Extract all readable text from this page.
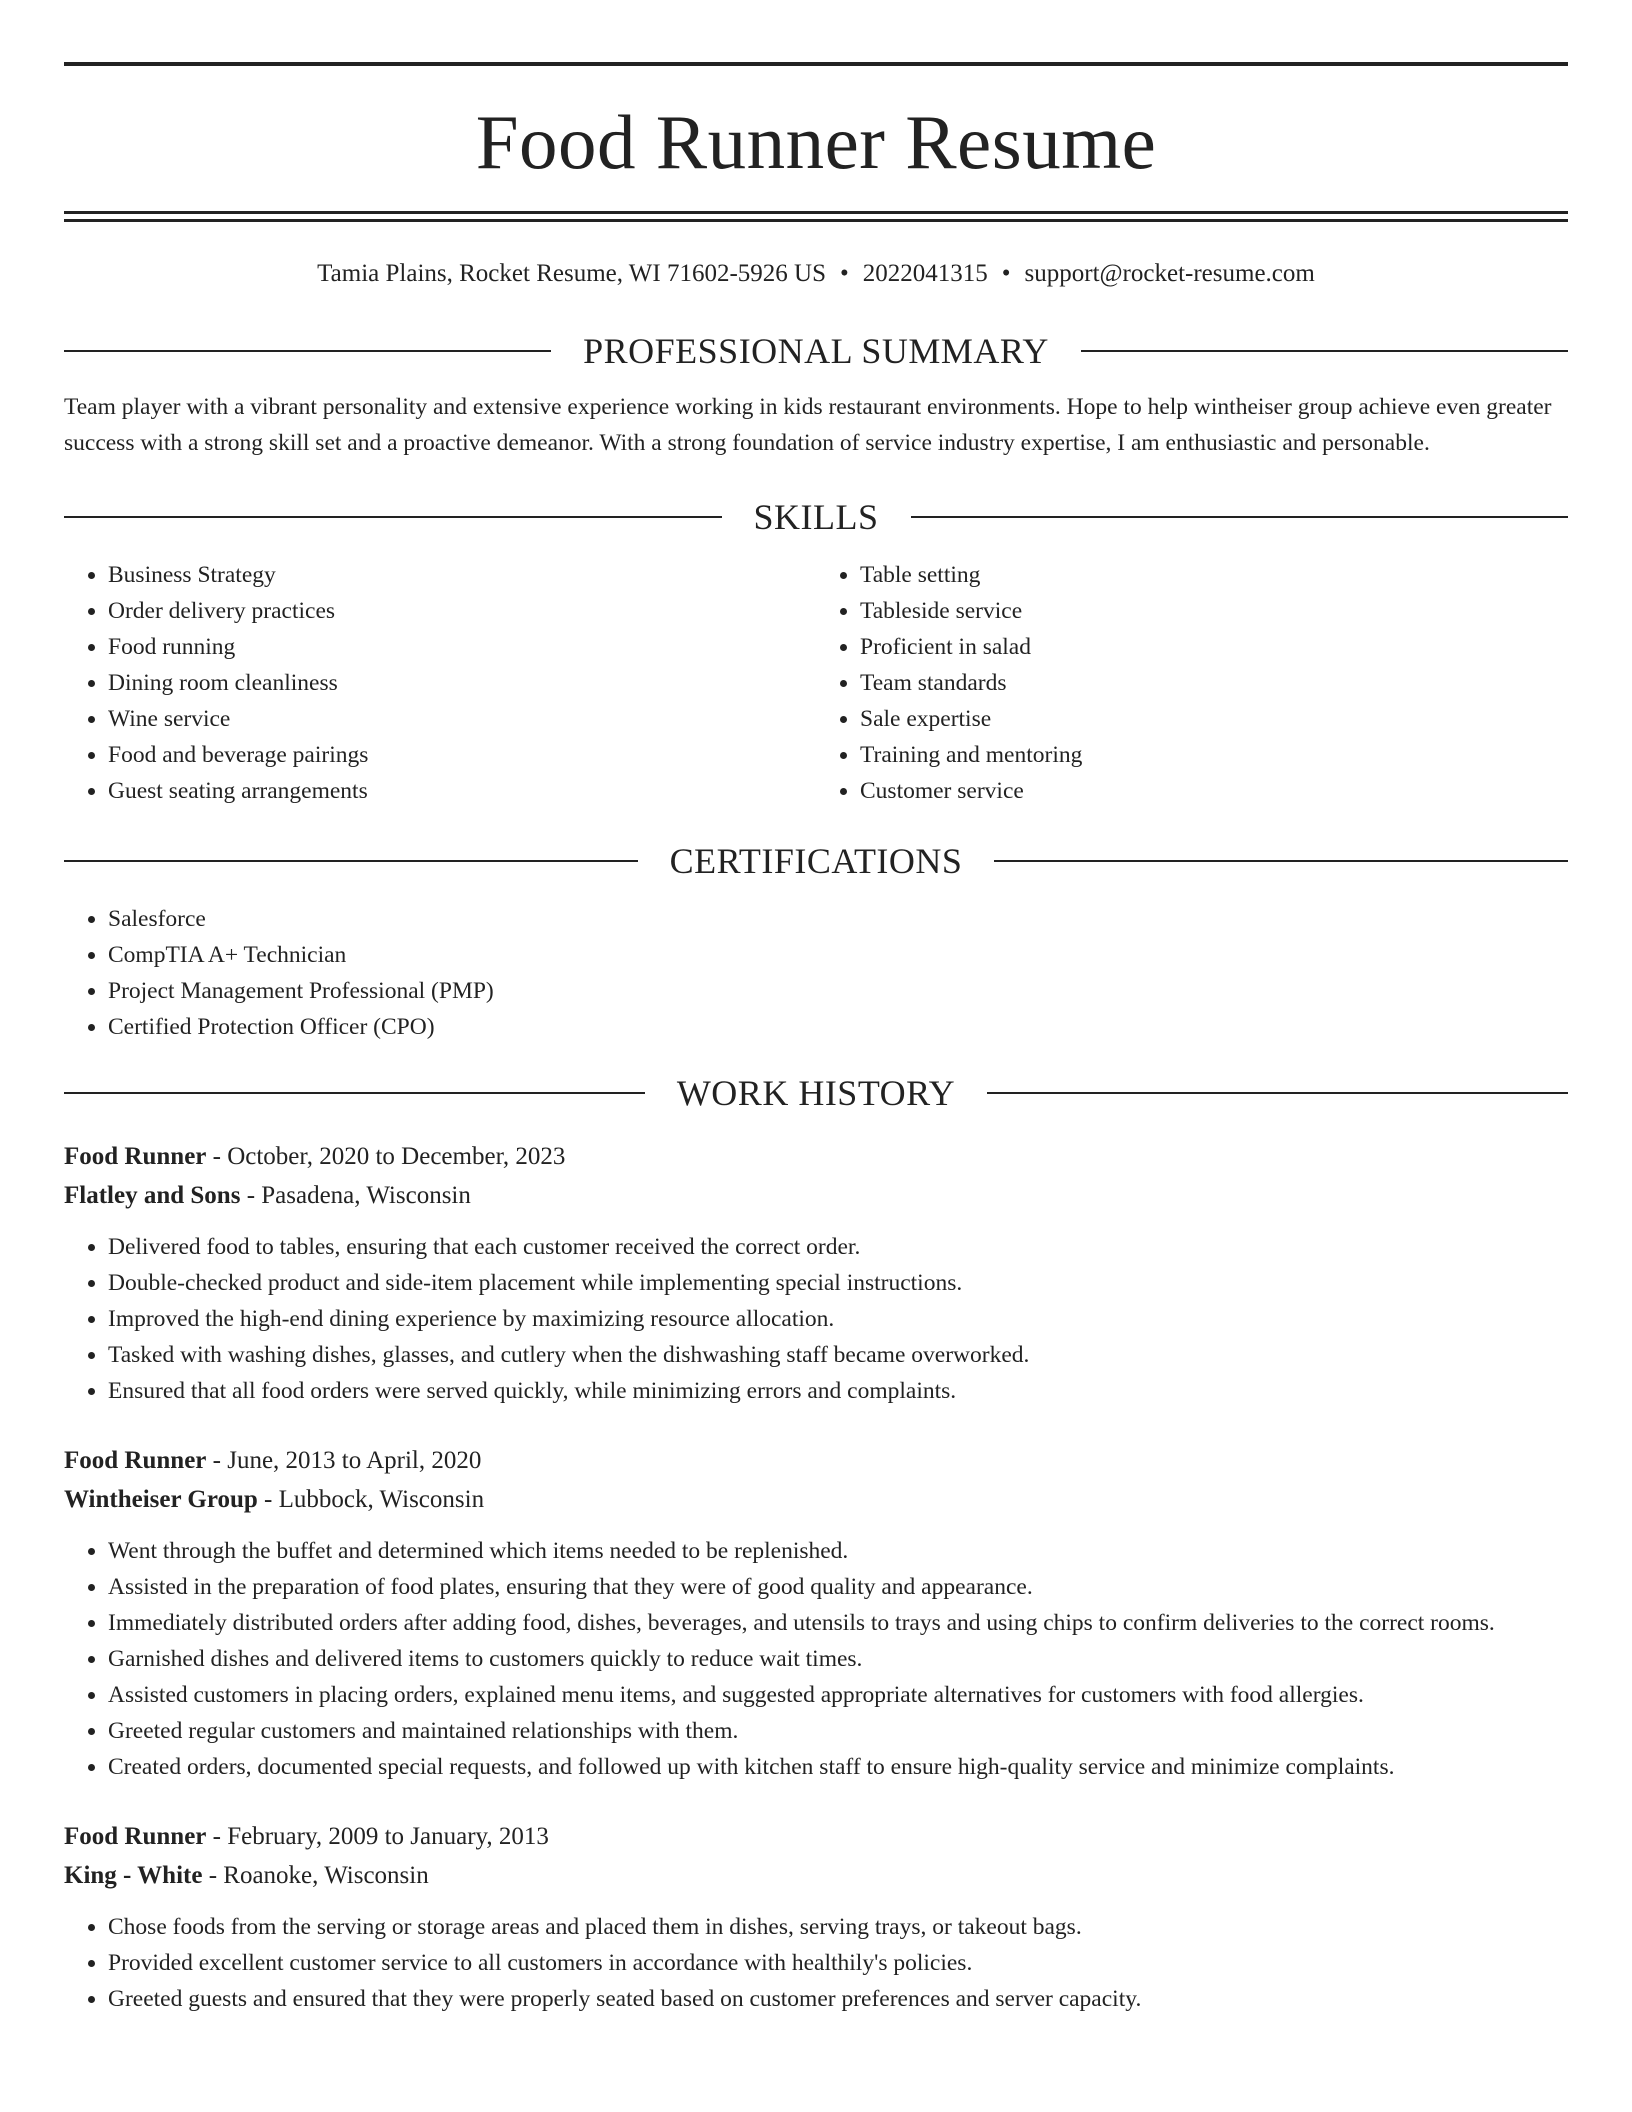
Food Runner Resume
Tamia Plains, Rocket Resume, WI 71602-5926 US • 2022041315 • support@rocket-resume.com
PROFESSIONAL SUMMARY

Team player with a vibrant personality and extensive experience working in kids restaurant environments. Hope to help wintheiser group achieve even greater success with a strong skill set and a proactive demeanor. With a strong foundation of service industry expertise, I am enthusiastic and personable.

SKILLS
• Business Strategy
• Order delivery practices
• Food running
• Dining room cleanliness
• Wine service
• Food and beverage pairings
• Guest seating arrangements
• Table setting
• Tableside service
• Proficient in salad
• Team standards
• Sale expertise
• Training and mentoring
• Customer service
CERTIFICATIONS
• Salesforce
• CompTIA A+ Technician
• Project Management Professional (PMP)
• Certified Protection Officer (CPO)
WORK HISTORY
Food Runner - October, 2020 to December, 2023
Flatley and Sons - Pasadena, Wisconsin
• Delivered food to tables, ensuring that each customer received the correct order.
• Double-checked product and side-item placement while implementing special instructions.
• Improved the high-end dining experience by maximizing resource allocation.
• Tasked with washing dishes, glasses, and cutlery when the dishwashing staff became overworked.
• Ensured that all food orders were served quickly, while minimizing errors and complaints.
Food Runner - June, 2013 to April, 2020
Wintheiser Group - Lubbock, Wisconsin
• Went through the buffet and determined which items needed to be replenished.
• Assisted in the preparation of food plates, ensuring that they were of good quality and appearance.
• Immediately distributed orders after adding food, dishes, beverages, and utensils to trays and using chips to confirm deliveries to the correct rooms.
• Garnished dishes and delivered items to customers quickly to reduce wait times.
• Assisted customers in placing orders, explained menu items, and suggested appropriate alternatives for customers with food allergies.
• Greeted regular customers and maintained relationships with them.
• Created orders, documented special requests, and followed up with kitchen staff to ensure high-quality service and minimize complaints.
Food Runner - February, 2009 to January, 2013
King - White - Roanoke, Wisconsin
• Chose foods from the serving or storage areas and placed them in dishes, serving trays, or takeout bags.
• Provided excellent customer service to all customers in accordance with healthily's policies.
• Greeted guests and ensured that they were properly seated based on customer preferences and server capacity.
